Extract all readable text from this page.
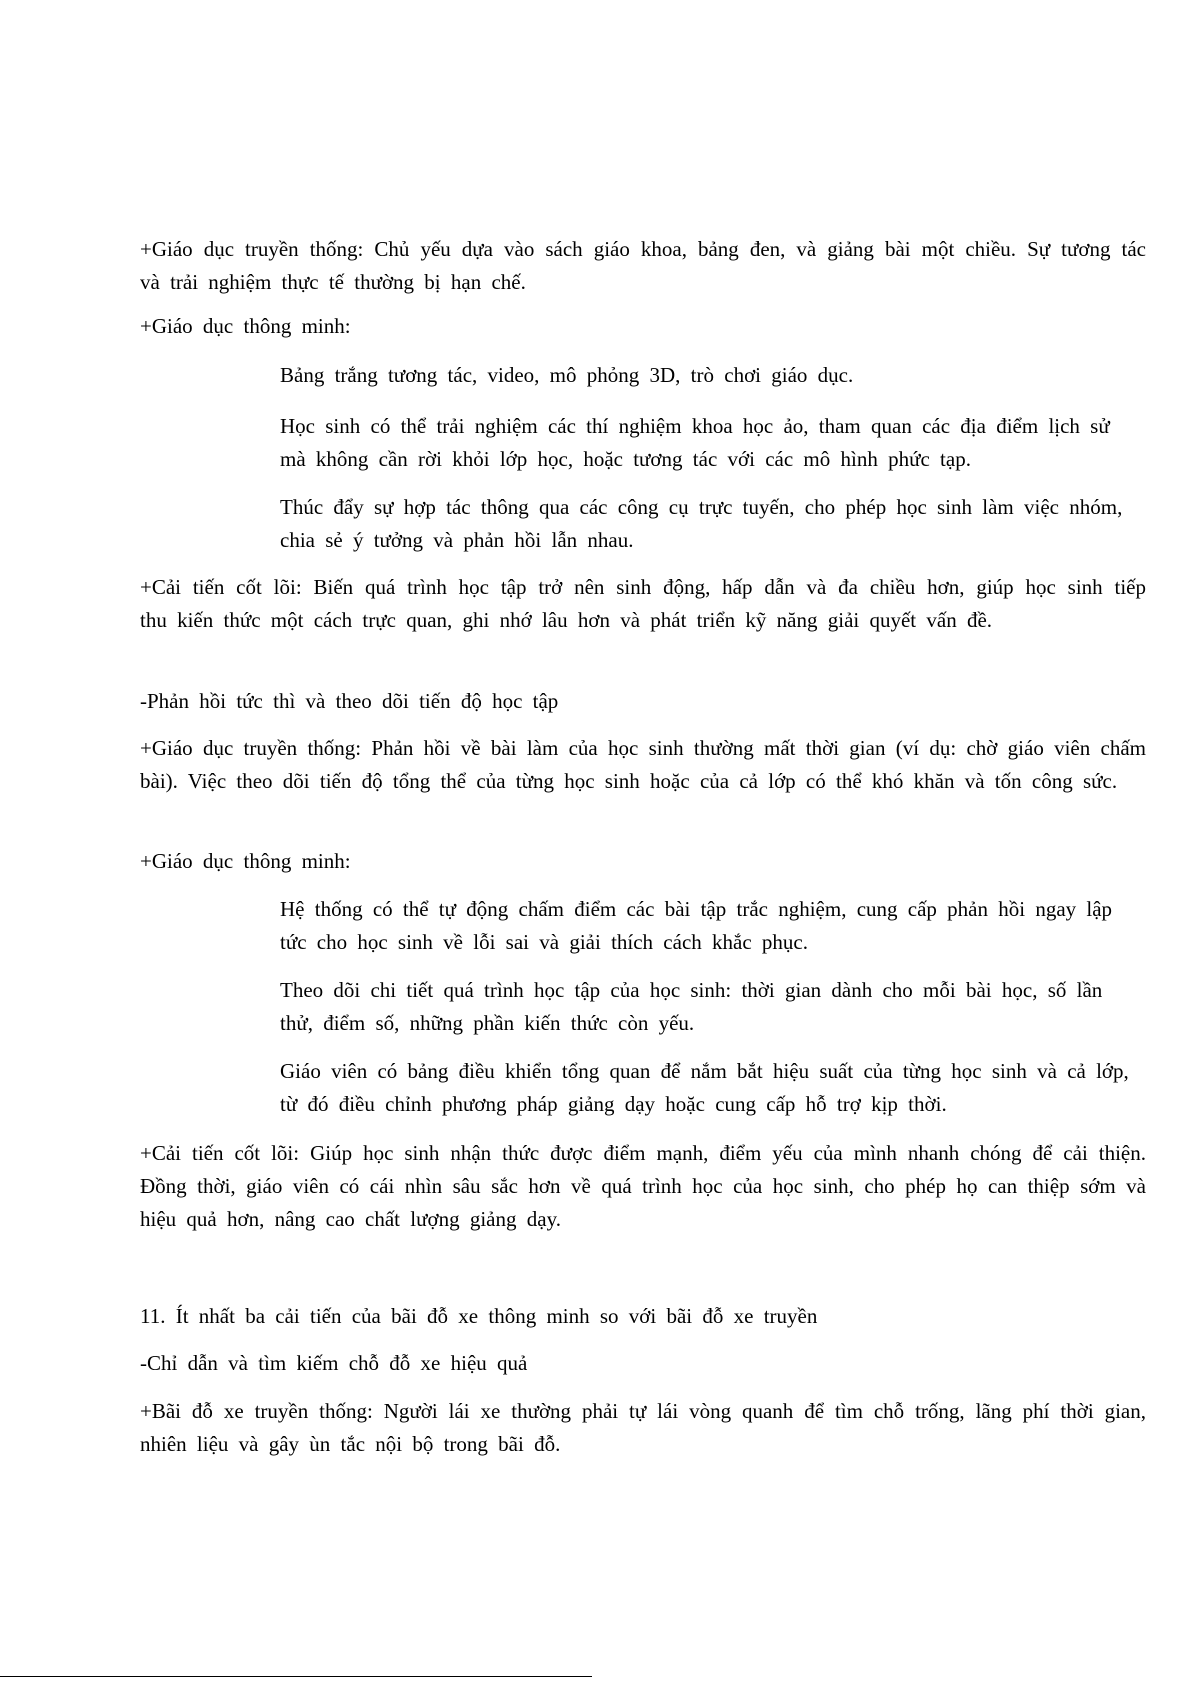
+Giáo dục truyền thống: Chủ yếu dựa vào sách giáo khoa, bảng đen, và giảng bài một chiều. Sự tương tác và trải nghiệm thực tế thường bị hạn chế.

+Giáo dục thông minh:

Bảng trắng tương tác, video, mô phỏng 3D, trò chơi giáo dục.

Học sinh có thể trải nghiệm các thí nghiệm khoa học ảo, tham quan các địa điểm lịch sử mà không cần rời khỏi lớp học, hoặc tương tác với các mô hình phức tạp.

Thúc đẩy sự hợp tác thông qua các công cụ trực tuyến, cho phép học sinh làm việc nhóm, chia sẻ ý tưởng và phản hồi lẫn nhau.

+Cải tiến cốt lõi: Biến quá trình học tập trở nên sinh động, hấp dẫn và đa chiều hơn, giúp học sinh tiếp thu kiến thức một cách trực quan, ghi nhớ lâu hơn và phát triển kỹ năng giải quyết vấn đề.

-Phản hồi tức thì và theo dõi tiến độ học tập

+Giáo dục truyền thống: Phản hồi về bài làm của học sinh thường mất thời gian (ví dụ: chờ giáo viên chấm bài). Việc theo dõi tiến độ tổng thể của từng học sinh hoặc của cả lớp có thể khó khăn và tốn công sức.

+Giáo dục thông minh:

Hệ thống có thể tự động chấm điểm các bài tập trắc nghiệm, cung cấp phản hồi ngay lập tức cho học sinh về lỗi sai và giải thích cách khắc phục.

Theo dõi chi tiết quá trình học tập của học sinh: thời gian dành cho mỗi bài học, số lần thử, điểm số, những phần kiến thức còn yếu.

Giáo viên có bảng điều khiển tổng quan để nắm bắt hiệu suất của từng học sinh và cả lớp, từ đó điều chỉnh phương pháp giảng dạy hoặc cung cấp hỗ trợ kịp thời.

+Cải tiến cốt lõi: Giúp học sinh nhận thức được điểm mạnh, điểm yếu của mình nhanh chóng để cải thiện. Đồng thời, giáo viên có cái nhìn sâu sắc hơn về quá trình học của học sinh, cho phép họ can thiệp sớm và hiệu quả hơn, nâng cao chất lượng giảng dạy.

11. Ít nhất ba cải tiến của bãi đỗ xe thông minh so với bãi đỗ xe truyền

-Chỉ dẫn và tìm kiếm chỗ đỗ xe hiệu quả

+Bãi đỗ xe truyền thống: Người lái xe thường phải tự lái vòng quanh để tìm chỗ trống, lãng phí thời gian, nhiên liệu và gây ùn tắc nội bộ trong bãi đỗ.
